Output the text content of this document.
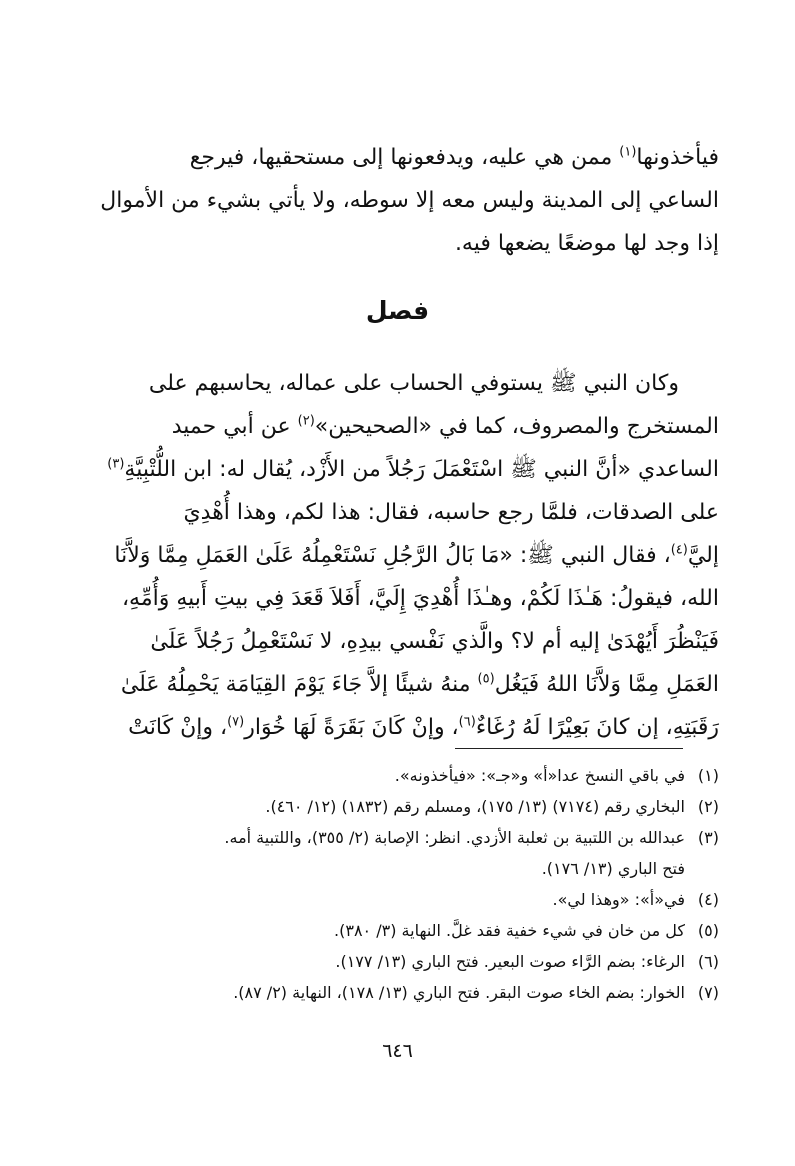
فيأخذونها$^{(١)}$ ممن هي عليه، ويدفعونها إلى مستحقيها، فيرجع
الساعي إلى المدينة وليس معه إلا سوطه، ولا يأتي بشيء من الأموال
إذا وجد لها موضعًا يضعها فيه.
فصل
وكان النبي ﷺ يستوفي الحساب على عماله، يحاسبهم على
المستخرج والمصروف، كما في «الصحيحين»$^{(٢)}$ عن أبي حميد
الساعدي «أنَّ النبي ﷺ اسْتَعْمَلَ رَجُلاً من الأَزْد، يُقال له: ابن اللُّتْبِيَّةِ$^{(٣)}$
على الصدقات، فلمَّا رجع حاسبه، فقال: هذا لكم، وهذا أُهْدِيَ
إليَّ$^{(٤)}$، فقال النبي ﷺ: «مَا بَالُ الرَّجُلِ نَسْتَعْمِلُهُ عَلَىٰ العَمَلِ مِمَّا وَلاَّنَا
الله، فيقولُ: هَـٰذَا لَكُمْ، وهـٰذَا أُهْدِيَ إِلَيَّ، أَفَلاَ قَعَدَ فِي بيتِ أَبيهِ وَأُمِّهِ،
فَيَنْظُرَ أَيُهْدَىٰ إليه أم لا؟ والَّذي نَفْسي بيدِهِ، لا نَسْتَعْمِلُ رَجُلاً عَلَىٰ
العَمَلِ مِمَّا وَلاَّنَا اللهُ فَيَغُل$^{(٥)}$ منهُ شيئًا إلاَّ جَاءَ يَوْمَ القِيَامَة يَحْمِلُهُ عَلَىٰ
رَقَبَتِهِ، إن كانَ بَعِيْرًا لَهُ رُغَاءٌ$^{(٦)}$، وإنْ كَانَ بَقَرَةً لَهَا خُوَار$^{(٧)}$، وإنْ كَانَتْ
(١)
في باقي النسخ عدا«أ» و«جـ»: «فيأخذونه».
(٢)
البخاري رقم (٧١٧٤) (١٣/ ١٧٥)، ومسلم رقم (١٨٣٢) (١٢/ ٤٦٠).
(٣)
عبدالله بن اللتبية بن ثعلبة الأزدي. انظر: الإصابة (٢/ ٣٥٥)، واللتبية أمه.
فتح الباري (١٣/ ١٧٦).
(٤)
في«أ»: «وهذا لي».
(٥)
كل من خان في شيء خفية فقد غلَّ. النهاية (٣/ ٣٨٠).
(٦)
الرغاء: بضم الرَّاء صوت البعير. فتح الباري (١٣/ ١٧٧).
(٧)
الخوار: بضم الخاء صوت البقر. فتح الباري (١٣/ ١٧٨)، النهاية (٢/ ٨٧).
٦٤٦
